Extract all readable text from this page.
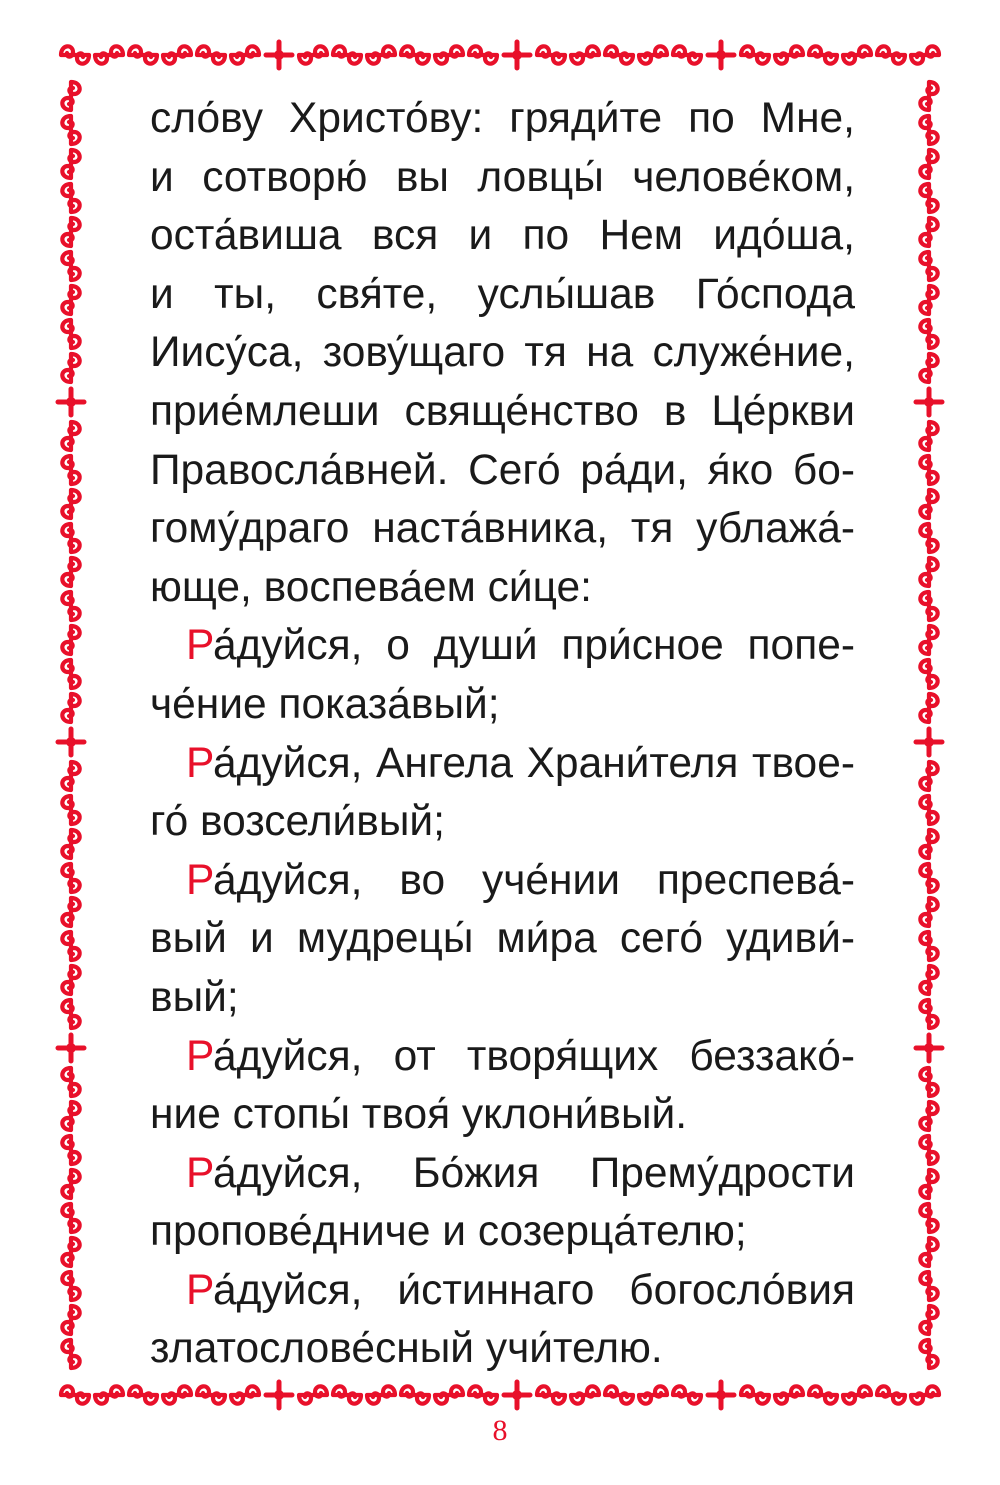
сло́ву Христо́ву: гряди́те по Мне,
и сотворю́ вы ловцы́ челове́ком,
оста́виша вся и по Нем идо́ша,
и ты, свя́те, услы́шав Го́спода
Иису́са, зову́щаго тя на служе́ние,
прие́млеши свяще́нство в Це́ркви
Правосла́вней. Сего́ ра́ди, я́ко бо-
гому́драго наста́вника, тя ублажа́-
юще, воспева́ем си́це:
Ра́дуйся, о души́ при́сное попе-
че́ние показа́вый;
Ра́дуйся, Ангела Храни́теля твое-
го́ возсели́вый;
Ра́дуйся, во уче́нии преспева́-
вый и мудрецы́ ми́ра сего́ удиви́-
вый;
Ра́дуйся, от творя́щих беззако́-
ние стопы́ твоя́ уклони́вый.
Ра́дуйся, Бо́жия Прему́дрости
пропове́дниче и созерца́телю;
Ра́дуйся, и́стиннаго богосло́вия
златослове́сный учи́телю.
8
